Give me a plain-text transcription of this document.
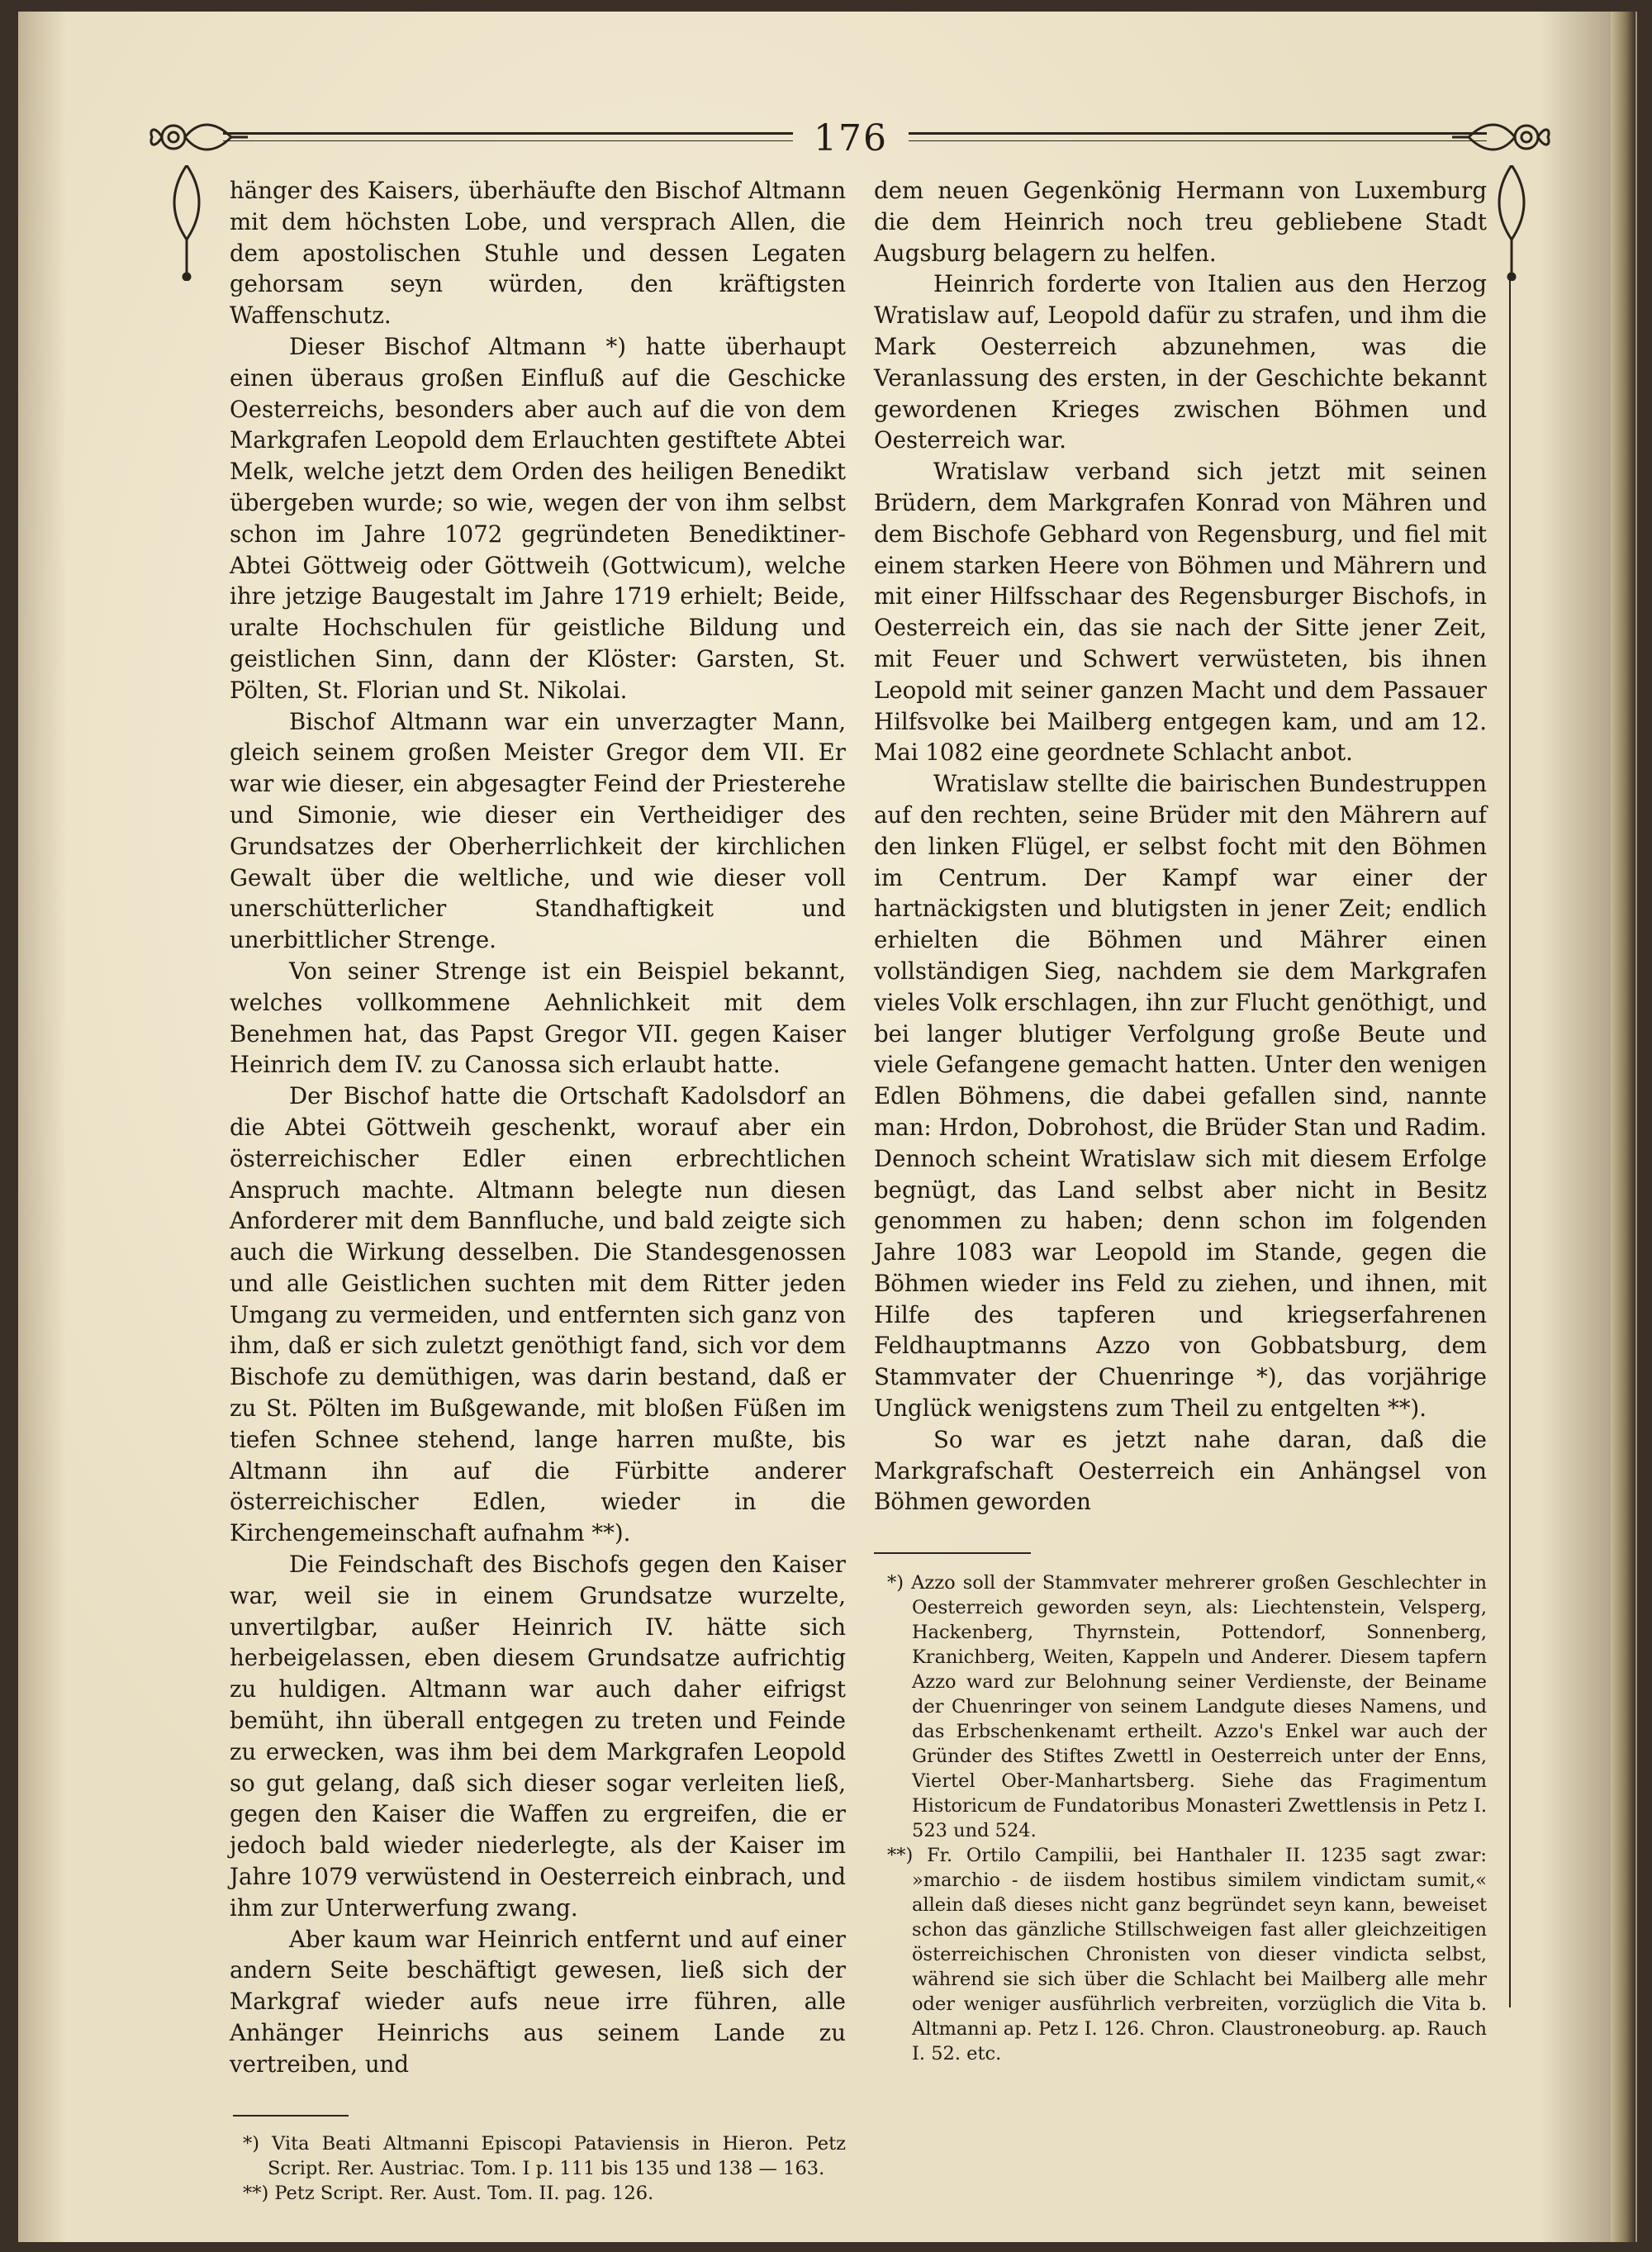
176

hänger des Kaisers, überhäufte den Bischof Altmann mit dem höchsten Lobe, und versprach Allen, die dem apostolischen Stuhle und dessen Legaten gehorsam seyn würden, den kräftigsten Waffenschutz.

Dieser Bischof Altmann *) hatte überhaupt einen überaus großen Einfluß auf die Geschicke Oesterreichs, besonders aber auch auf die von dem Markgrafen Leopold dem Erlauchten gestiftete Abtei Melk, welche jetzt dem Orden des heiligen Benedikt übergeben wurde; so wie, wegen der von ihm selbst schon im Jahre 1072 gegründeten Benediktiner-Abtei Göttweig oder Göttweih (Gottwicum), welche ihre jetzige Baugestalt im Jahre 1719 erhielt; Beide, uralte Hochschulen für geistliche Bildung und geistlichen Sinn, dann der Klöster: Garsten, St. Pölten, St. Florian und St. Nikolai.

Bischof Altmann war ein unverzagter Mann, gleich seinem großen Meister Gregor dem VII. Er war wie dieser, ein abgesagter Feind der Priesterehe und Simonie, wie dieser ein Vertheidiger des Grundsatzes der Oberherrlichkeit der kirchlichen Gewalt über die weltliche, und wie dieser voll unerschütterlicher Standhaftigkeit und unerbittlicher Strenge.

Von seiner Strenge ist ein Beispiel bekannt, welches vollkommene Aehnlichkeit mit dem Benehmen hat, das Papst Gregor VII. gegen Kaiser Heinrich dem IV. zu Canossa sich erlaubt hatte.

Der Bischof hatte die Ortschaft Kadolsdorf an die Abtei Göttweih geschenkt, worauf aber ein österreichischer Edler einen erbrechtlichen Anspruch machte. Altmann belegte nun diesen Anforderer mit dem Bannfluche, und bald zeigte sich auch die Wirkung desselben. Die Standesgenossen und alle Geistlichen suchten mit dem Ritter jeden Umgang zu vermeiden, und entfernten sich ganz von ihm, daß er sich zuletzt genöthigt fand, sich vor dem Bischofe zu demüthigen, was darin bestand, daß er zu St. Pölten im Bußgewande, mit bloßen Füßen im tiefen Schnee stehend, lange harren mußte, bis Altmann ihn auf die Fürbitte anderer österreichischer Edlen, wieder in die Kirchengemeinschaft aufnahm **).

Die Feindschaft des Bischofs gegen den Kaiser war, weil sie in einem Grundsatze wurzelte, unvertilgbar, außer Heinrich IV. hätte sich herbeigelassen, eben diesem Grundsatze aufrichtig zu huldigen. Altmann war auch daher eifrigst bemüht, ihn überall entgegen zu treten und Feinde zu erwecken, was ihm bei dem Markgrafen Leopold so gut gelang, daß sich dieser sogar verleiten ließ, gegen den Kaiser die Waffen zu ergreifen, die er jedoch bald wieder niederlegte, als der Kaiser im Jahre 1079 verwüstend in Oesterreich einbrach, und ihm zur Unterwerfung zwang.

Aber kaum war Heinrich entfernt und auf einer andern Seite beschäftigt gewesen, ließ sich der Markgraf wieder aufs neue irre führen, alle Anhänger Heinrichs aus seinem Lande zu vertreiben, und

*) Vita Beati Altmanni Episcopi Pataviensis in Hieron. Petz Script. Rer. Austriac. Tom. I p. 111 bis 135 und 138 — 163.

**) Petz Script. Rer. Aust. Tom. II. pag. 126.

dem neuen Gegenkönig Hermann von Luxemburg die dem Heinrich noch treu gebliebene Stadt Augsburg belagern zu helfen.

Heinrich forderte von Italien aus den Herzog Wratislaw auf, Leopold dafür zu strafen, und ihm die Mark Oesterreich abzunehmen, was die Veranlassung des ersten, in der Geschichte bekannt gewordenen Krieges zwischen Böhmen und Oesterreich war.

Wratislaw verband sich jetzt mit seinen Brüdern, dem Markgrafen Konrad von Mähren und dem Bischofe Gebhard von Regensburg, und fiel mit einem starken Heere von Böhmen und Mährern und mit einer Hilfsschaar des Regensburger Bischofs, in Oesterreich ein, das sie nach der Sitte jener Zeit, mit Feuer und Schwert verwüsteten, bis ihnen Leopold mit seiner ganzen Macht und dem Passauer Hilfsvolke bei Mailberg entgegen kam, und am 12. Mai 1082 eine geordnete Schlacht anbot.

Wratislaw stellte die bairischen Bundestruppen auf den rechten, seine Brüder mit den Mährern auf den linken Flügel, er selbst focht mit den Böhmen im Centrum. Der Kampf war einer der hartnäckigsten und blutigsten in jener Zeit; endlich erhielten die Böhmen und Mährer einen vollständigen Sieg, nachdem sie dem Markgrafen vieles Volk erschlagen, ihn zur Flucht genöthigt, und bei langer blutiger Verfolgung große Beute und viele Gefangene gemacht hatten. Unter den wenigen Edlen Böhmens, die dabei gefallen sind, nannte man: Hrdon, Dobrohost, die Brüder Stan und Radim. Dennoch scheint Wratislaw sich mit diesem Erfolge begnügt, das Land selbst aber nicht in Besitz genommen zu haben; denn schon im folgenden Jahre 1083 war Leopold im Stande, gegen die Böhmen wieder ins Feld zu ziehen, und ihnen, mit Hilfe des tapferen und kriegserfahrenen Feldhauptmanns Azzo von Gobbatsburg, dem Stammvater der Chuenringe *), das vorjährige Unglück wenigstens zum Theil zu entgelten **).

So war es jetzt nahe daran, daß die Markgrafschaft Oesterreich ein Anhängsel von Böhmen geworden

*) Azzo soll der Stammvater mehrerer großen Geschlechter in Oesterreich geworden seyn, als: Liechtenstein, Velsperg, Hackenberg, Thyrnstein, Pottendorf, Sonnenberg, Kranichberg, Weiten, Kappeln und Anderer. Diesem tapfern Azzo ward zur Belohnung seiner Verdienste, der Beiname der Chuenringer von seinem Landgute dieses Namens, und das Erbschenkenamt ertheilt. Azzo's Enkel war auch der Gründer des Stiftes Zwettl in Oesterreich unter der Enns, Viertel Ober-Manhartsberg. Siehe das Fragimentum Historicum de Fundatoribus Monasteri Zwettlensis in Petz I. 523 und 524.

**) Fr. Ortilo Campilii, bei Hanthaler II. 1235 sagt zwar: »marchio - de iisdem hostibus similem vindictam sumit,« allein daß dieses nicht ganz begründet seyn kann, beweiset schon das gänzliche Stillschweigen fast aller gleichzeitigen österreichischen Chronisten von dieser vindicta selbst, während sie sich über die Schlacht bei Mailberg alle mehr oder weniger ausführlich verbreiten, vorzüglich die Vita b. Altmanni ap. Petz I. 126. Chron. Claustroneoburg. ap. Rauch I. 52. etc.
